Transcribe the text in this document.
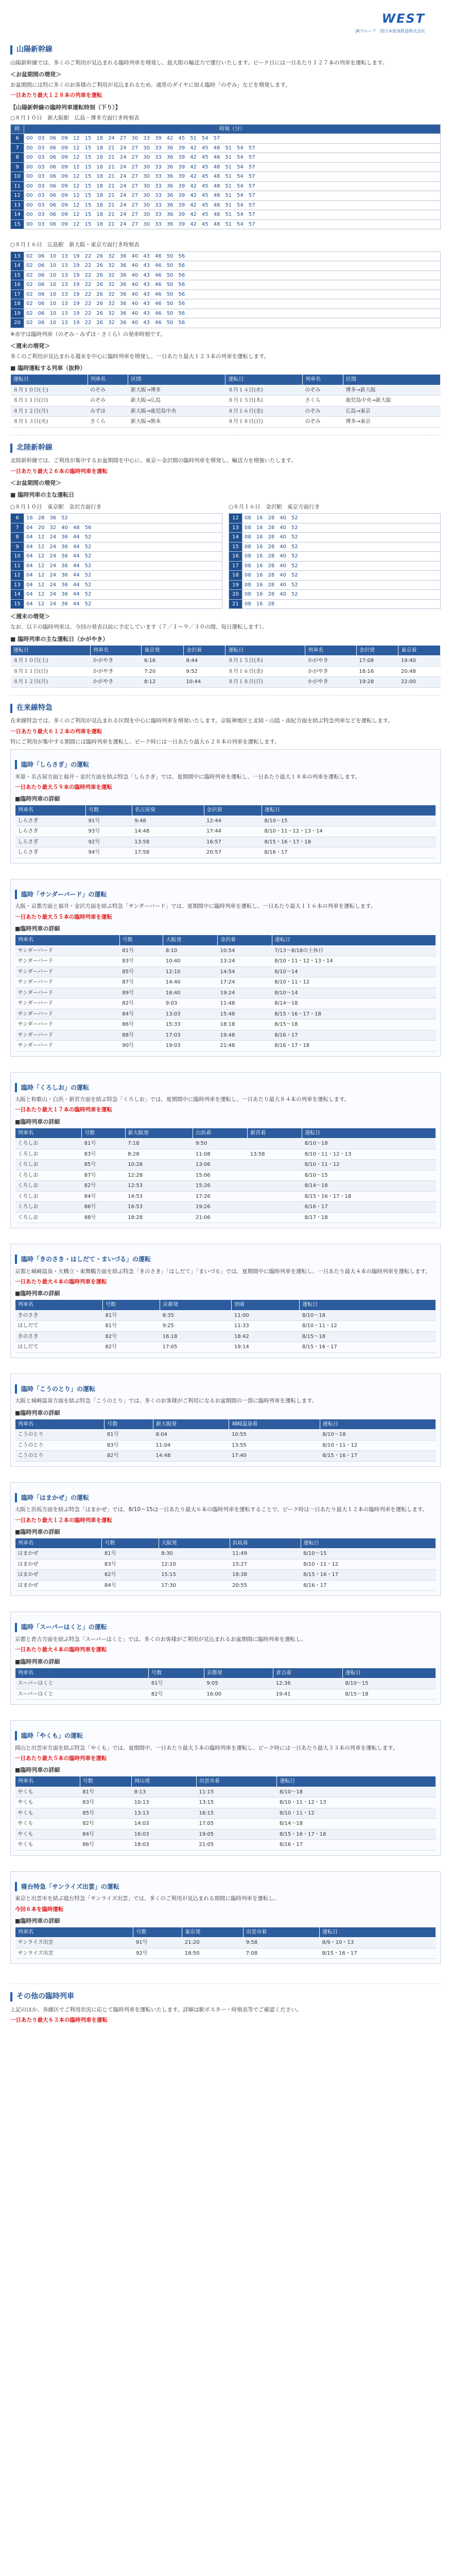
WEST
JRグループ　西日本旅客鉄道株式会社
山陽新幹線

山陽新幹線では、多くのご利用が見込まれる臨時列車を増発し、最大限の輸送力で運行いたします。ピーク日には一日あたり１２７本の列車を運転します。

＜お盆期間の増発＞

お盆期間には特に多くのお客様のご利用が見込まれるため、通常のダイヤに加え臨時「のぞみ」などを増発します。

一日あたり最大１２８本の列車を運転

【山陽新幹線の臨時列車運転時刻（下り）】
○８月１０日　新大阪駅　広島・博多方面行き時刻表
時	時刻（分）
6	00　03　06　09　12　15　18　24　27　30　33　39　42　45　51　54　57
7	00　03　06　09　12　15　18　21　24　27　30　33　36　39　42　45　48　51　54　57
8	00　03　06　09　12　15　18　21　24　27　30　33　36　39　42　45　48　51　54　57
9	00　03　06　09　12　15　18　21　24　27　30　33　36　39　42　45　48　51　54　57
10	00　03　06　09　12　15　18　21　24　27　30　33　36　39　42　45　48　51　54　57
11	00　03　06　09　12　15　18　21　24　27　30　33　36　39　42　45　48　51　54　57
12	00　03　06　09　12　15　18　21　24　27　30　33　36　39　42　45　48　51　54　57
13	00　03　06　09　12　15　18　21　24　27　30　33　36　39　42　45　48　51　54　57
14	00　03　06　09　12　15　18　21　24　27　30　33　36　39　42　45　48　51　54　57
15	00　03　06　09　12　15　18　21　24　27　30　33　36　39　42　45　48　51　54　57
○８月１６日　広島駅　新大阪・東京方面行き時刻表
13	02　06　10　13　19　22　26　32　36　40　43　46　50　56
14	02　06　10　13　19　22　26　32　36　40　43　46　50　56
15	02　06　10　13　19　22　26　32　36　40　43　46　50　56
16	02　06　10　13　19　22　26　32　36　40　43　46　50　56
17	02　06　10　13　19　22　26　32　36　40　43　46　50　56
18	02　06　10　13　19　22　26　32　36　40　43　46　50　56
19	02　06　10　13　19　22　26　32　36　40　43　46　50　56
20	02　06　10　13　19　22　26　32　36　40　43　46　50　56

※赤字は臨時列車（のぞみ・みずほ・さくら）の発車時刻です。

＜週末の増発＞

多くのご利用が見込まれる週末を中心に臨時列車を増発し、一日あたり最大１２３本の列車を運転します。

■ 臨時運転する列車（抜粋）
運転日	列車名	区間	運転日	列車名	区間
８月１０日(土)	のぞみ	新大阪→博多	８月１４日(水)	のぞみ	博多→新大阪
８月１１日(日)	のぞみ	新大阪→広島	８月１５日(木)	さくら	鹿児島中央→新大阪
８月１２日(月)	みずほ	新大阪→鹿児島中央	８月１６日(金)	のぞみ	広島→東京
８月１３日(火)	さくら	新大阪→熊本	８月１８日(日)	のぞみ	博多→東京
北陸新幹線

北陸新幹線では、ご利用が集中するお盆期間を中心に、東京～金沢間の臨時列車を増発し、輸送力を増強いたします。

一日あたり最大２６本の臨時列車を運転

＜お盆期間の増発＞
■ 臨時列車の主な運転日
○８月１０日　東京駅　金沢方面行き
6	16　28　36　52
7	04　20　32　40　48　56
8	04　12　24　36　44　52
9	04　12　24　36　44　52
10	04　12　24　36　44　52
11	04　12　24　36　44　52
12	04　12　24　36　44　52
13	04　12　24　36　44　52
14	04　12　24　36　44　52
15	04　12　24　36　44　52
○８月１６日　金沢駅　東京方面行き
12	08　16　28　40　52
13	08　16　28　40　52
14	08　16　28　40　52
15	08　16　28　40　52
16	08　16　28　40　52
17	08　16　28　40　52
18	08　16　28　40　52
19	08　16　28　40　52
20	08　16　28　40　52
21	08　16　28
＜週末の増発＞

なお、以下の臨時列車は、今回の発表以前に予定しています（７／１〜９／３０の間、毎日運転します）。

■ 臨時列車の主な運転日（かがやき）
運転日	列車名	東京発	金沢着	運転日	列車名	金沢発	東京着
８月１０日(土)	かがやき	6:16	8:44	８月１５日(木)	かがやき	17:08	19:40
８月１１日(日)	かがやき	7:20	9:52	８月１６日(金)	かがやき	18:16	20:48
８月１２日(月)	かがやき	8:12	10:44	８月１８日(日)	かがやき	19:28	22:00
在来線特急

在来線特急では、多くのご利用が見込まれる区間を中心に臨時列車を増発いたします。京阪神地区と北陸・山陰・南紀方面を結ぶ特急列車などを運転します。

一日あたり最大６１２本の列車を運転

特にご利用が集中する期間には臨時列車を運転し、ピーク時には一日あたり最大６２８本の列車を運転します。

臨時「しらさぎ」の運転

米原・名古屋方面と福井・金沢方面を結ぶ特急「しらさぎ」では、夏期間中に臨時列車を運転し、一日あたり最大１８本の列車を運転します。

一日あたり最大５９本の臨時列車を運転

■臨時列車の詳細
列車名	号数	名古屋発	金沢着	運転日
しらさぎ	91号	9:48	12:44	8/10～15
しらさぎ	93号	14:48	17:44	8/10・11・12・13・14
しらさぎ	92号	13:58	16:57	8/15・16・17・18
しらさぎ	94号	17:58	20:57	8/16・17
臨時「サンダーバード」の運転

大阪・京都方面と福井・金沢方面を結ぶ特急「サンダーバード」では、夏期間中に臨時列車を運転し、一日あたり最大１１６本の列車を運転します。

一日あたり最大５５本の臨時列車を運転

■臨時列車の詳細
列車名	号数	大阪発	金沢着	運転日
サンダーバード	81号	8:10	10:54	7/13～8/18の土休日
サンダーバード	83号	10:40	13:24	8/10・11・12・13・14
サンダーバード	85号	12:10	14:54	8/10～14
サンダーバード	87号	14:40	17:24	8/10・11・12
サンダーバード	89号	16:40	19:24	8/10～14
サンダーバード	82号	9:03	11:48	8/14～18
サンダーバード	84号	13:03	15:48	8/15・16・17・18
サンダーバード	86号	15:33	18:18	8/15～18
サンダーバード	88号	17:03	19:48	8/16・17
サンダーバード	90号	19:03	21:48	8/16・17・18
臨時「くろしお」の運転

大阪と和歌山・白浜・新宮方面を結ぶ特急「くろしお」では、夏期間中に臨時列車を運転し、一日あたり最大８４本の列車を運転します。

一日あたり最大１７本の臨時列車を運転

■臨時列車の詳細
列車名	号数	新大阪発	白浜着	新宮着	運転日
くろしお	81号	7:18	9:50		8/10～18
くろしお	83号	8:28	11:08	13:58	8/10・11・12・13
くろしお	85号	10:28	13:06		8/10・11・12
くろしお	87号	12:28	15:06		8/10～15
くろしお	82号	12:53	15:26		8/14～18
くろしお	84号	14:53	17:26		8/15・16・17・18
くろしお	86号	16:53	19:26		8/16・17
くろしお	88号	18:28	21:06		8/17・18
臨時「きのさき・はしだて・まいづる」の運転

京都と城崎温泉・天橋立・東舞鶴方面を結ぶ特急「きのさき」「はしだて」「まいづる」では、夏期間中に臨時列車を運転し、一日あたり最大４本の臨時列車を運転します。

一日あたり最大４本の臨時列車を運転

■臨時列車の詳細
列車名	号数	京都発	到着	運転日
きのさき	81号	8:35	11:00	8/10～18
はしだて	81号	9:25	11:33	8/10・11・12
きのさき	82号	16:18	18:42	8/15～18
はしだて	82号	17:05	19:14	8/15・16・17
臨時「こうのとり」の運転

大阪と城崎温泉方面を結ぶ特急「こうのとり」では、多くのお客様がご利用になるお盆期間の一部に臨時列車を運転します。

■臨時列車の詳細
列車名	号数	新大阪発	城崎温泉着	運転日
こうのとり	81号	8:04	10:55	8/10～18
こうのとり	83号	11:04	13:55	8/10・11・12
こうのとり	82号	14:48	17:40	8/15・16・17
臨時「はまかぜ」の運転

大阪と浜坂方面を結ぶ特急「はまかぜ」では、8/10～15は一日あたり最大６本の臨時列車を運転することで、ピーク時は一日あたり最大１２本の臨時列車を運転します。

一日あたり最大１２本の臨時列車を運転

■臨時列車の詳細
列車名	号数	大阪発	浜坂着	運転日
はまかぜ	81号	8:30	11:49	8/10～15
はまかぜ	83号	12:10	15:27	8/10・11・12
はまかぜ	82号	15:15	18:38	8/15・16・17
はまかぜ	84号	17:30	20:55	8/16・17
臨時「スーパーはくと」の運転

京都と倉吉方面を結ぶ特急「スーパーはくと」では、多くのお客様がご利用が見込まれるお盆期間に臨時列車を運転し、

一日あたり最大４本の臨時列車を運転

■臨時列車の詳細
列車名	号数	京都発	倉吉着	運転日
スーパーはくと	81号	9:05	12:36	8/10～15
スーパーはくと	82号	16:00	19:41	8/15～18
臨時「やくも」の運転

岡山と出雲市方面を結ぶ特急「やくも」では、夏期間中、一日あたり最大５本の臨時列車を運転し、ピーク時には一日あたり最大３３本の列車を運転します。

一日あたり最大５本の臨時列車を運転

■臨時列車の詳細
列車名	号数	岡山発	出雲市着	運転日
やくも	81号	8:13	11:15	8/10～18
やくも	83号	10:13	13:15	8/10・11・12・13
やくも	85号	13:13	16:15	8/10・11・12
やくも	82号	14:03	17:05	8/14～18
やくも	84号	16:03	19:05	8/15・16・17・18
やくも	86号	18:03	21:05	8/16・17
寝台特急「サンライズ出雲」の運転

東京と出雲市を結ぶ寝台特急「サンライズ出雲」では、多くのご利用が見込まれる期間に臨時列車を運転し、

今回６本を臨時運転

■臨時列車の詳細
列車名	号数	東京発	出雲市着	運転日
サンライズ出雲	91号	21:20	9:58	8/9・10・13
サンライズ出雲	92号	18:50	7:08	8/15・16・17
その他の臨時列車

上記のほか、各線区でご利用状況に応じて臨時列車を運転いたします。詳細は駅ポスター・時刻表等でご確認ください。

一日あたり最大６３本の臨時列車を運転
